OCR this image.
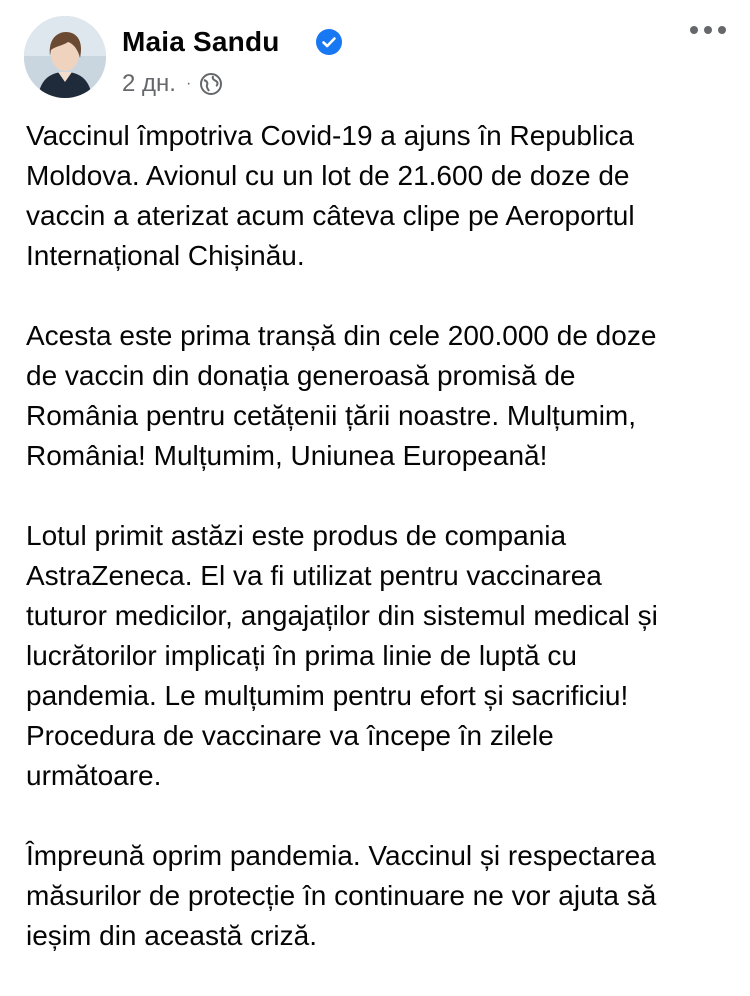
Maia Sandu
2 дн. ·

Vaccinul împotriva Covid-19 a ajuns în Republica
Moldova. Avionul cu un lot de 21.600 de doze de
vaccin a aterizat acum câteva clipe pe Aeroportul
Internațional Chișinău.

Acesta este prima tranșă din cele 200.000 de doze
de vaccin din donația generoasă promisă de
România pentru cetățenii țării noastre. Mulțumim,
România! Mulțumim, Uniunea Europeană!

Lotul primit astăzi este produs de compania
AstraZeneca. El va fi utilizat pentru vaccinarea
tuturor medicilor, angajaților din sistemul medical și
lucrătorilor implicați în prima linie de luptă cu
pandemia. Le mulțumim pentru efort și sacrificiu!
Procedura de vaccinare va începe în zilele
următoare.

Împreună oprim pandemia. Vaccinul și respectarea
măsurilor de protecție în continuare ne vor ajuta să
ieșim din această criză.
